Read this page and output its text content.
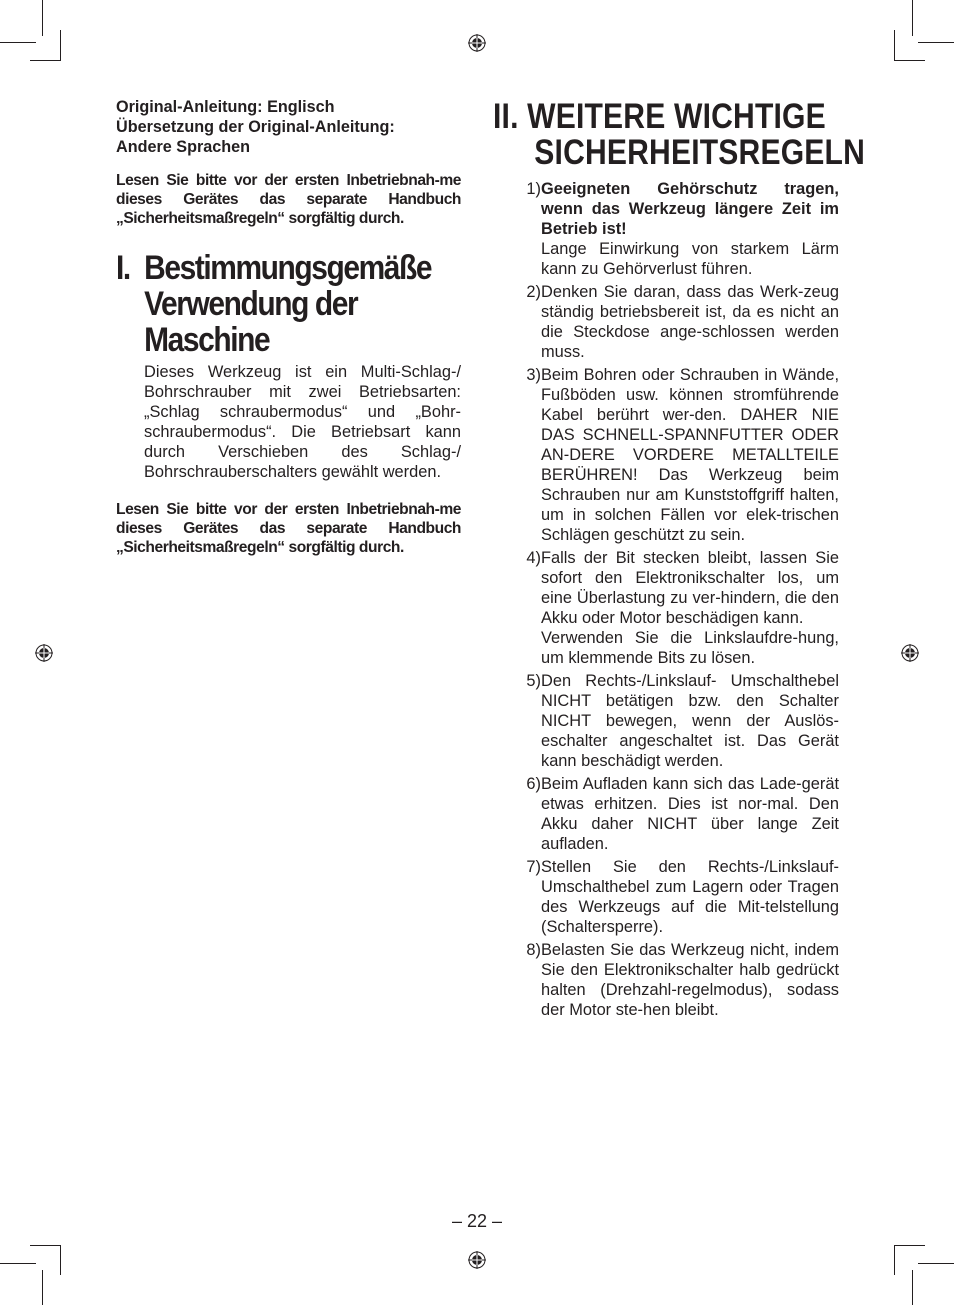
Original-Anleitung: Englisch
Übersetzung der Original-Anleitung:
Andere Sprachen
Lesen Sie bitte vor der ersten Inbetriebnah-me dieses Gerätes das separate Handbuch „Sicherheitsmaßregeln“ sorgfältig durch.
I. Bestimmungsgemäße
Verwendung der
Maschine
Dieses Werkzeug ist ein Multi-Schlag-/ Bohrschrauber mit zwei Betriebsarten: „Schlag schraubermodus“ und „Bohr-schraubermodus“. Die Betriebsart kann durch Verschieben des Schlag-/ Bohrschrauberschalters gewählt werden.
Lesen Sie bitte vor der ersten Inbetriebnah-me dieses Gerätes das separate Handbuch „Sicherheitsmaßregeln“ sorgfältig durch.
II. WEITERE WICHTIGE
SICHERHEITSREGELN
1) Geeigneten Gehörschutz tragen, wenn das Werkzeug längere Zeit im Betrieb ist!
Lange Einwirkung von starkem Lärm kann zu Gehörverlust führen.
2) Denken Sie daran, dass das Werk-zeug ständig betriebsbereit ist, da es nicht an die Steckdose ange-schlossen werden muss.
3) Beim Bohren oder Schrauben in Wände, Fußböden usw. können stromführende Kabel berührt wer-den. DAHER NIE DAS SCHNELL-SPANNFUTTER ODER AN-DERE VORDERE METALLTEILE BERÜHREN! Das Werkzeug beim Schrauben nur am Kunststoffgriff halten, um in solchen Fällen vor elek-trischen Schlägen geschützt zu sein.
4) Falls der Bit stecken bleibt, lassen Sie sofort den Elektronikschalter los, um eine Überlastung zu ver-hindern, die den Akku oder Motor beschädigen kann.
Verwenden Sie die Linkslaufdre-hung, um klemmende Bits zu lösen.
5) Den Rechts-/Linkslauf- Umschalthebel NICHT betätigen bzw. den Schalter NICHT bewegen, wenn der Auslös-eschalter angeschaltet ist. Das Gerät kann beschädigt werden.
6) Beim Aufladen kann sich das Lade-gerät etwas erhitzen. Dies ist nor-mal. Den Akku daher NICHT über lange Zeit aufladen.
7) Stellen Sie den Rechts-/Linkslauf-Umschalthebel zum Lagern oder Tragen des Werkzeugs auf die Mit-telstellung (Schaltersperre).
8) Belasten Sie das Werkzeug nicht, indem Sie den Elektronikschalter halb gedrückt halten (Drehzahl-regelmodus), sodass der Motor ste-hen bleibt.
– 22 –
